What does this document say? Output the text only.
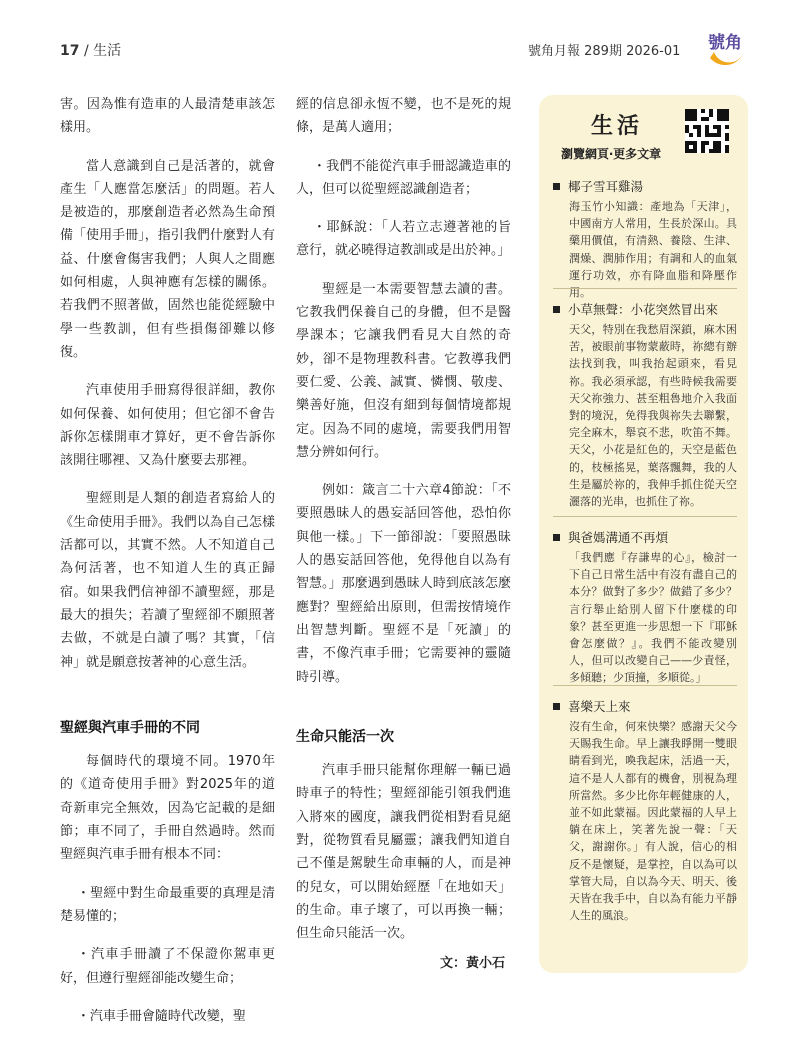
17 / 生活	號角月報 289期 2026-01 號角

害。因為惟有造車的人最清楚車該怎樣用。

當人意識到自己是活著的，就會產生「人應當怎麼活」的問題。若人是被造的，那麼創造者必然為生命預備「使用手冊」，指引我們什麼對人有益、什麼會傷害我們；人與人之間應如何相處，人與神應有怎樣的關係。若我們不照著做，固然也能從經驗中學一些教訓，但有些損傷卻難以修復。

汽車使用手冊寫得很詳細，教你如何保養、如何使用；但它卻不會告訴你怎樣開車才算好，更不會告訴你該開往哪裡、又為什麼要去那裡。

聖經則是人類的創造者寫給人的《生命使用手冊》。我們以為自己怎樣活都可以，其實不然。人不知道自己為何活著，也不知道人生的真正歸宿。如果我們信神卻不讀聖經，那是最大的損失；若讀了聖經卻不願照著去做，不就是白讀了嗎？其實，「信神」就是願意按著神的心意生活。

聖經與汽車手冊的不同

每個時代的環境不同。1970年的《道奇使用手冊》對2025年的道奇新車完全無效，因為它記載的是細節；車不同了，手冊自然過時。然而聖經與汽車手冊有根本不同：

・聖經中對生命最重要的真理是清楚易懂的；

・汽車手冊讀了不保證你駕車更好，但遵行聖經卻能改變生命；

・汽車手冊會隨時代改變，聖

經的信息卻永恆不變，也不是死的規條，是萬人適用；

・我們不能從汽車手冊認識造車的人，但可以從聖經認識創造者；

・耶穌說：「人若立志遵著祂的旨意行，就必曉得這教訓或是出於神。」

聖經是一本需要智慧去讀的書。它教我們保養自己的身體，但不是醫學課本；它讓我們看見大自然的奇妙，卻不是物理教科書。它教導我們要仁愛、公義、誠實、憐憫、敬虔、樂善好施，但沒有細到每個情境都規定。因為不同的處境，需要我們用智慧分辨如何行。

例如：箴言二十六章4節說：「不要照愚昧人的愚妄話回答他，恐怕你與他一樣。」下一節卻說：「要照愚昧人的愚妄話回答他，免得他自以為有智慧。」那麼遇到愚昧人時到底該怎麼應對？聖經給出原則，但需按情境作出智慧判斷。聖經不是「死讀」的書，不像汽車手冊；它需要神的靈隨時引導。

生命只能活一次

汽車手冊只能幫你理解一輛已過時車子的特性；聖經卻能引領我們進入將來的國度，讓我們從相對看見絕對，從物質看見屬靈；讓我們知道自己不僅是駕駛生命車輛的人，而是神的兒女，可以開始經歷「在地如天」的生命。車子壞了，可以再換一輛；但生命只能活一次。

文：黃小石
生活
瀏覽網頁‧更多文章
椰子雪耳雞湯
海玉竹小知識：產地為「天津」，中國南方人常用，生長於深山。具藥用價值，有清熱、養陰、生津、潤燥、潤肺作用；有調和人的血氣運行功效，亦有降血脂和降壓作用。
小草無聲：小花突然冒出來
天父，特別在我愁眉深鎖，麻木困苦，被眼前事物蒙蔽時，祢總有辦法找到我，叫我抬起頭來，看見祢。我必須承認，有些時候我需要天父祢強力、甚至粗魯地介入我面對的境況，免得我與祢失去聯繫，完全麻木，舉哀不悲，吹笛不舞。天父，小花是紅色的，天空是藍色的，枝極搖晃，葉落飄舞，我的人生是屬於祢的，我伸手抓住從天空灑落的光串，也抓住了祢。
與爸媽溝通不再煩
「我們應『存謙卑的心』，檢討一下自己日常生活中有沒有盡自己的本分？做對了多少？做錯了多少？言行舉止給別人留下什麼樣的印象？甚至更進一步思想一下『耶穌會怎麼做？』。我們不能改變別人，但可以改變自己——少責怪，多傾聽；少頂撞，多順從。」
喜樂天上來
沒有生命，何來快樂？感謝天父今天賜我生命。早上讓我睜開一雙眼睛看到光，喚我起床，活過一天，這不是人人都有的機會，別視為理所當然。多少比你年輕健康的人，並不如此蒙福。因此蒙福的人早上躺在床上，笑著先說一聲：「天父，謝謝你。」有人說，信心的相反不是懷疑，是掌控，自以為可以掌管大局，自以為今天、明天、後天皆在我手中，自以為有能力平靜人生的風浪。
